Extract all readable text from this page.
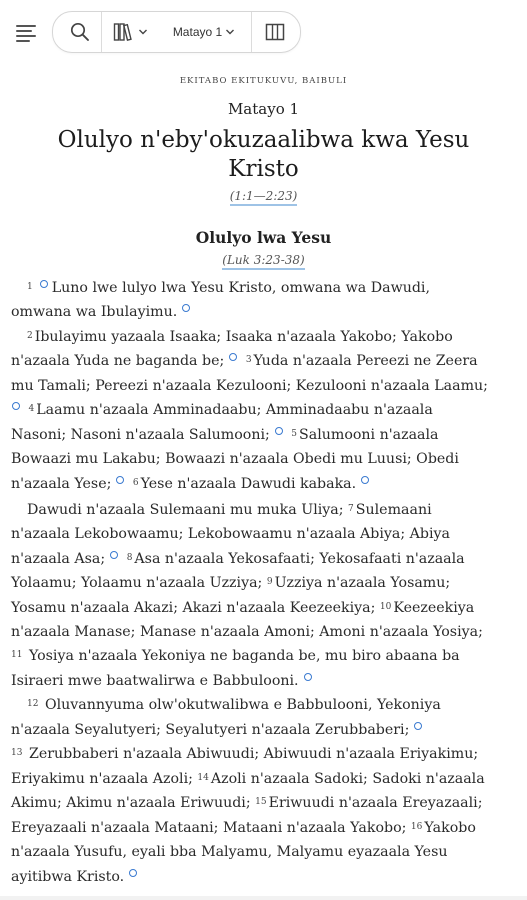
Matayo 1
EKITABO EKITUKUVU, BAIBULI
Matayo 1
Olulyo n'eby'okuzaalibwa kwa Yesu
Kristo
(1:1—2:23)
Olulyo lwa Yesu
(Luk 3:23-38)
$^1$ Luno lwe lulyo lwa Yesu Kristo, omwana wa Dawudi,
omwana wa Ibulayimu.
$^2$ Ibulayimu yazaala Isaaka; Isaaka n'azaala Yakobo; Yakobo
n'azaala Yuda ne baganda be; $^3$ Yuda n'azaala Pereezi ne Zeera
mu Tamali; Pereezi n'azaala Kezulooni; Kezulooni n'azaala Laamu;
$^4$ Laamu n'azaala Amminadaabu; Amminadaabu n'azaala
Nasoni; Nasoni n'azaala Salumooni; $^5$ Salumooni n'azaala
Bowaazi mu Lakabu; Bowaazi n'azaala Obedi mu Luusi; Obedi
n'azaala Yese; $^6$ Yese n'azaala Dawudi kabaka.
Dawudi n'azaala Sulemaani mu muka Uliya; $^7$ Sulemaani
n'azaala Lekobowaamu; Lekobowaamu n'azaala Abiya; Abiya
n'azaala Asa; $^8$ Asa n'azaala Yekosafaati; Yekosafaati n'azaala
Yolaamu; Yolaamu n'azaala Uzziya; $^9$ Uzziya n'azaala Yosamu;
Yosamu n'azaala Akazi; Akazi n'azaala Keezeekiya; $^{10}$ Keezeekiya
n'azaala Manase; Manase n'azaala Amoni; Amoni n'azaala Yosiya;
$^{11}$ Yosiya n'azaala Yekoniya ne baganda be, mu biro abaana ba
Isiraeri mwe baatwalirwa e Babbulooni.
$^{12}$ Oluvannyuma olw'okutwalibwa e Babbulooni, Yekoniya
n'azaala Seyalutyeri; Seyalutyeri n'azaala Zerubbaberi;
$^{13}$ Zerubbaberi n'azaala Abiwuudi; Abiwuudi n'azaala Eriyakimu;
Eriyakimu n'azaala Azoli; $^{14}$ Azoli n'azaala Sadoki; Sadoki n'azaala
Akimu; Akimu n'azaala Eriwuudi; $^{15}$ Eriwuudi n'azaala Ereyazaali;
Ereyazaali n'azaala Mataani; Mataani n'azaala Yakobo; $^{16}$ Yakobo
n'azaala Yusufu, eyali bba Malyamu, Malyamu eyazaala Yesu
ayitibwa Kristo.
